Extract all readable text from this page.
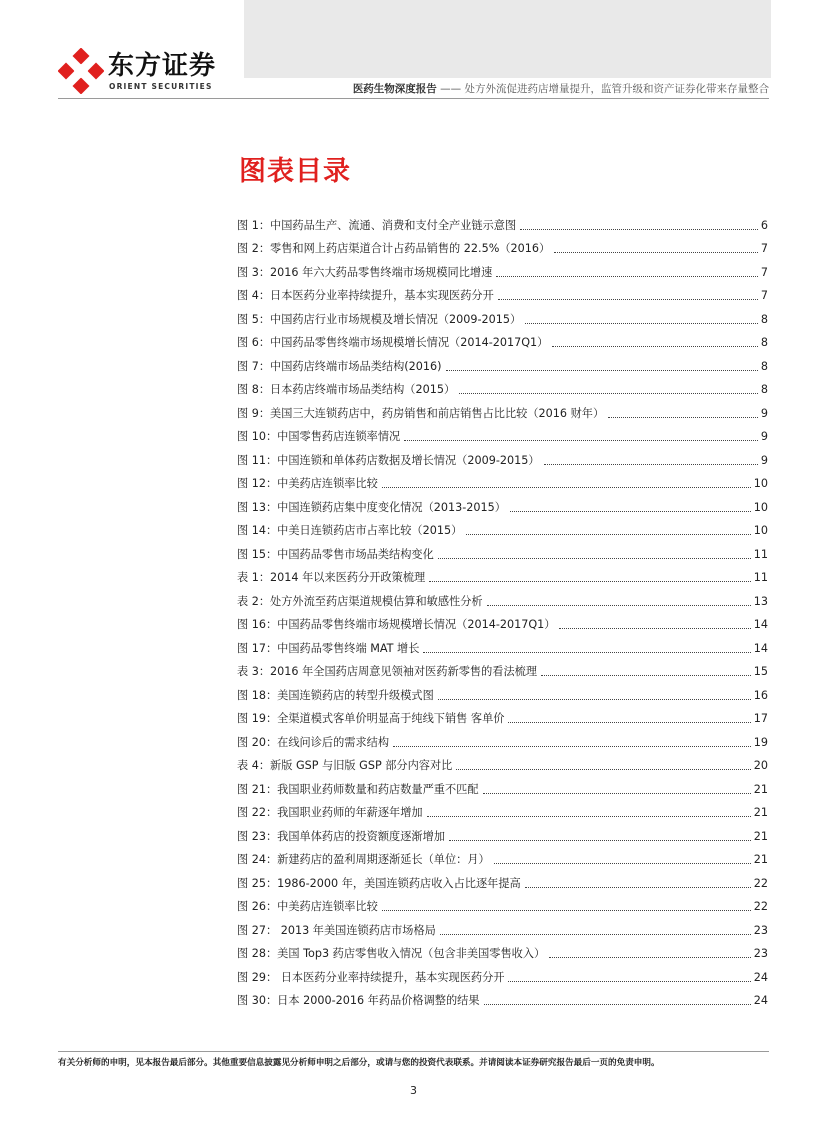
东方证券
ORIENT SECURITIES	医药生物深度报告 —— 处方外流促进药店增量提升，监管升级和资产证券化带来存量整合
图表目录
图 1：中国药品生产、流通、消费和支付全产业链示意图	6
图 2：零售和网上药店渠道合计占药品销售的 22.5%（2016）	7
图 3：2016 年六大药品零售终端市场规模同比增速	7
图 4：日本医药分业率持续提升，基本实现医药分开	7
图 5：中国药店行业市场规模及增长情况（2009-2015）	8
图 6：中国药品零售终端市场规模增长情况（2014-2017Q1）	8
图 7：中国药店终端市场品类结构(2016)	8
图 8：日本药店终端市场品类结构（2015）	8
图 9：美国三大连锁药店中，药房销售和前店销售占比比较（2016 财年）	9
图 10：中国零售药店连锁率情况	9
图 11：中国连锁和单体药店数据及增长情况（2009-2015）	9
图 12：中美药店连锁率比较	10
图 13：中国连锁药店集中度变化情况（2013-2015）	10
图 14：中美日连锁药店市占率比较（2015）	10
图 15：中国药品零售市场品类结构变化	11
表 1：2014 年以来医药分开政策梳理	11
表 2：处方外流至药店渠道规模估算和敏感性分析	13
图 16：中国药品零售终端市场规模增长情况（2014-2017Q1）	14
图 17：中国药品零售终端 MAT 增长	14
表 3：2016 年全国药店周意见领袖对医药新零售的看法梳理	15
图 18：美国连锁药店的转型升级模式图	16
图 19：全渠道模式客单价明显高于纯线下销售 客单价	17
图 20：在线问诊后的需求结构	19
表 4：新版 GSP 与旧版 GSP 部分内容对比	20
图 21：我国职业药师数量和药店数量严重不匹配	21
图 22：我国职业药师的年薪逐年增加	21
图 23：我国单体药店的投资额度逐渐增加	21
图 24：新建药店的盈利周期逐渐延长（单位：月）	21
图 25：1986-2000 年，美国连锁药店收入占比逐年提高	22
图 26：中美药店连锁率比较	22
图 27： 2013 年美国连锁药店市场格局	23
图 28：美国 Top3 药店零售收入情况（包含非美国零售收入）	23
图 29： 日本医药分业率持续提升，基本实现医药分开	24
图 30：日本 2000-2016 年药品价格调整的结果	24
有关分析师的申明，见本报告最后部分。其他重要信息披露见分析师申明之后部分，或请与您的投资代表联系。并请阅读本证券研究报告最后一页的免责申明。
3
